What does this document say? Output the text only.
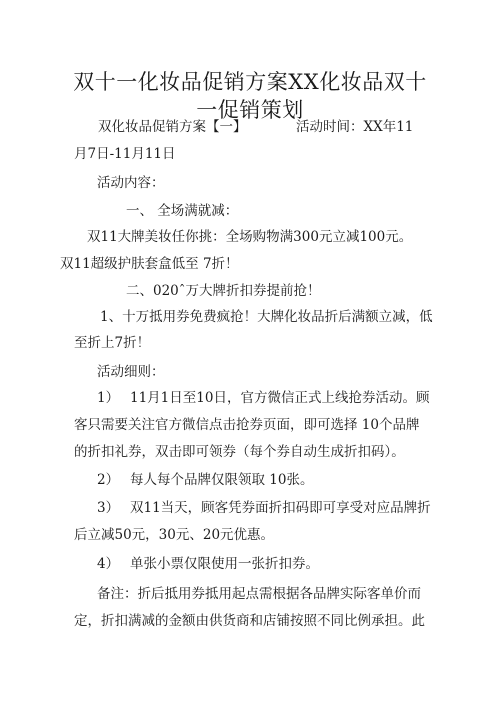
双十一化妆品促销方案XX化妆品双十
一促销策划
双化妆品促销方案【一】	活动时间：XX年11
月7日-11月11日
活动内容：
一、 全场满就减：
双11大牌美妆任你挑：全场购物满300元立减100元。
双11超级护肤套盒低至 7折！
二、020ˆ万大牌折扣券提前抢！
1、十万抵用券免费疯抢！大牌化妆品折后满额立减，低
至折上7折！
活动细则：
1） 11月1日至10日，官方微信正式上线抢券活动。顾
客只需要关注官方微信点击抢券页面，即可选择 10个品牌
的折扣礼券，双击即可领券（每个券自动生成折扣码）。
2） 每人每个品牌仅限领取 10张。
3） 双11当天，顾客凭券面折扣码即可享受对应品牌折
后立减50元，30元、20元优惠。
4） 单张小票仅限使用一张折扣券。
备注：折后抵用券抵用起点需根据各品牌实际客单价而
定，折扣满减的金额由供货商和店铺按照不同比例承担。此
